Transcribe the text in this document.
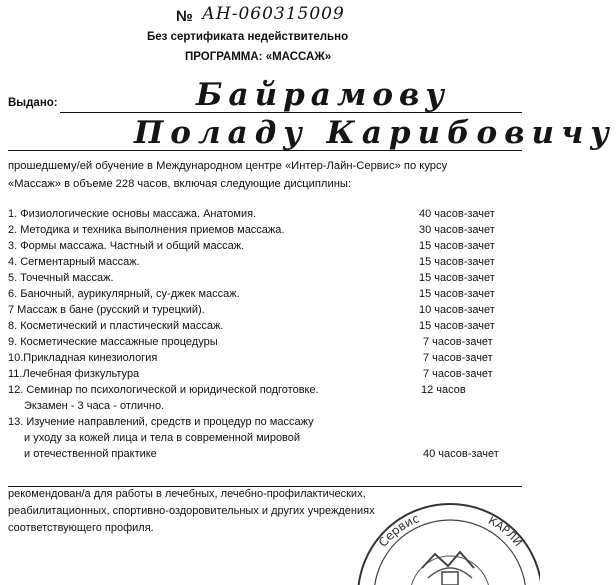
№ АН-060315009
Без сертификата недействительно
ПРОГРАММА: «МАССАЖ»
Выдано:	Байрамову
Поладу Карибовичу
прошедшему/ей обучение в Международном центре «Интер-Лайн-Сервис» по курсу
«Массаж» в объеме 228 часов, включая следующие дисциплины:
1. Физиологические основы массажа. Анатомия.	40 часов-зачет
2. Методика и техника выполнения приемов массажа.	30 часов-зачет
3. Формы массажа. Частный и общий массаж.	15 часов-зачет
4. Сегментарный массаж.	15 часов-зачет
5. Точечный массаж.	15 часов-зачет
6. Баночный, аурикулярный, су-джек массаж.	15 часов-зачет
7 Массаж в бане (русский и турецкий).	10 часов-зачет
8. Косметический и пластический массаж.	15 часов-зачет
9. Косметические массажные процедуры	7 часов-зачет
10.Прикладная кинезиология	7 часов-зачет
11.Лечебная физкультура	7 часов-зачет
12. Семинар по психологической и юридической подготовке.	12 часов
Экзамен - 3 часа - отлично.
13. Изучение направлений, средств и процедур по массажу
и уходу за кожей лица и тела в современной мировой
и отечественной практике	40 часов-зачет
рекомендован/а для работы в лечебных, лечебно-профилактических,
реабилитационных, спортивно-оздоровительных и других учреждениях
соответствующего профиля.
Сервис	КАРЛИ
